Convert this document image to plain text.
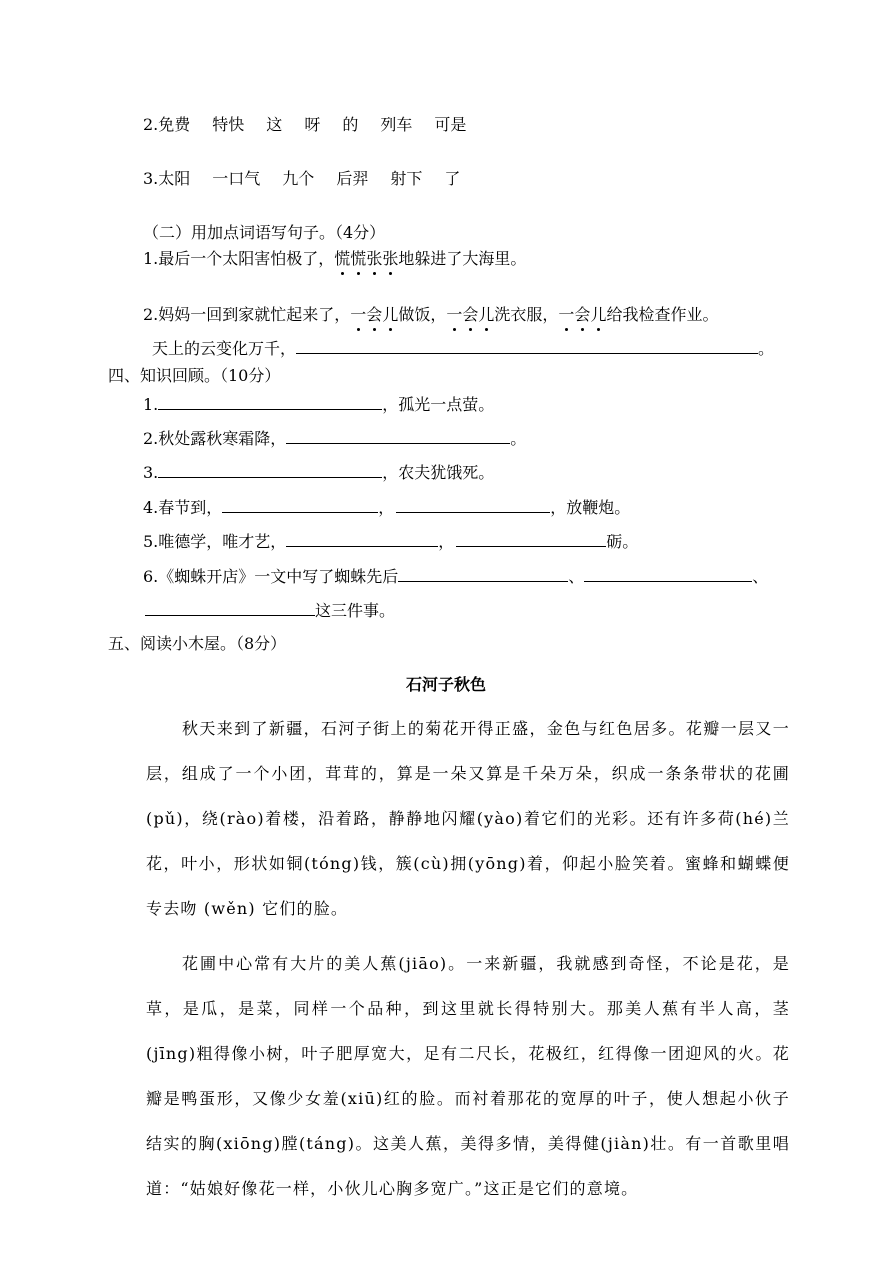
2.免费 特快 这 呀 的 列车 可是
3.太阳 一口气 九个 后羿 射下 了
（二）用加点词语写句子。（4分）
1.最后一个太阳害怕极了，慌慌张张地躲进了大海里。
2.妈妈一回到家就忙起来了，一会儿做饭，一会儿洗衣服，一会儿给我检查作业。
天上的云变化万千，	。
四、知识回顾。（10分）
1.	，孤光一点萤。
2.秋处露秋寒霜降，	。
3.	，农夫犹饿死。
4.春节到，	，	，放鞭炮。
5.唯德学，唯才艺，	，	砺。
6.《蜘蛛开店》一文中写了蜘蛛先后	、	、
这三件事。
五、阅读小木屋。（8分）
石河子秋色

秋天来到了新疆，石河子街上的菊花开得正盛，金色与红色居多。花瓣一层又一层，组成了一个小团，茸茸的，算是一朵又算是千朵万朵，织成一条条带状的花圃(pǔ)，绕(rào)着楼，沿着路，静静地闪耀(yào)着它们的光彩。还有许多荷(hé)兰花，叶小，形状如铜(tóng)钱，簇(cù)拥(yōng)着，仰起小脸笑着。蜜蜂和蝴蝶便专去吻 (wěn) 它们的脸。

花圃中心常有大片的美人蕉(jiāo)。一来新疆，我就感到奇怪，不论是花，是草，是瓜，是菜，同样一个品种，到这里就长得特别大。那美人蕉有半人高，茎(jīng)粗得像小树，叶子肥厚宽大，足有二尺长，花极红，红得像一团迎风的火。花瓣是鸭蛋形，又像少女羞(xiū)红的脸。而衬着那花的宽厚的叶子，使人想起小伙子结实的胸(xiōng)膛(táng)。这美人蕉，美得多情，美得健(jiàn)壮。有一首歌里唱道：“姑娘好像花一样，小伙儿心胸多宽广。”这正是它们的意境。
